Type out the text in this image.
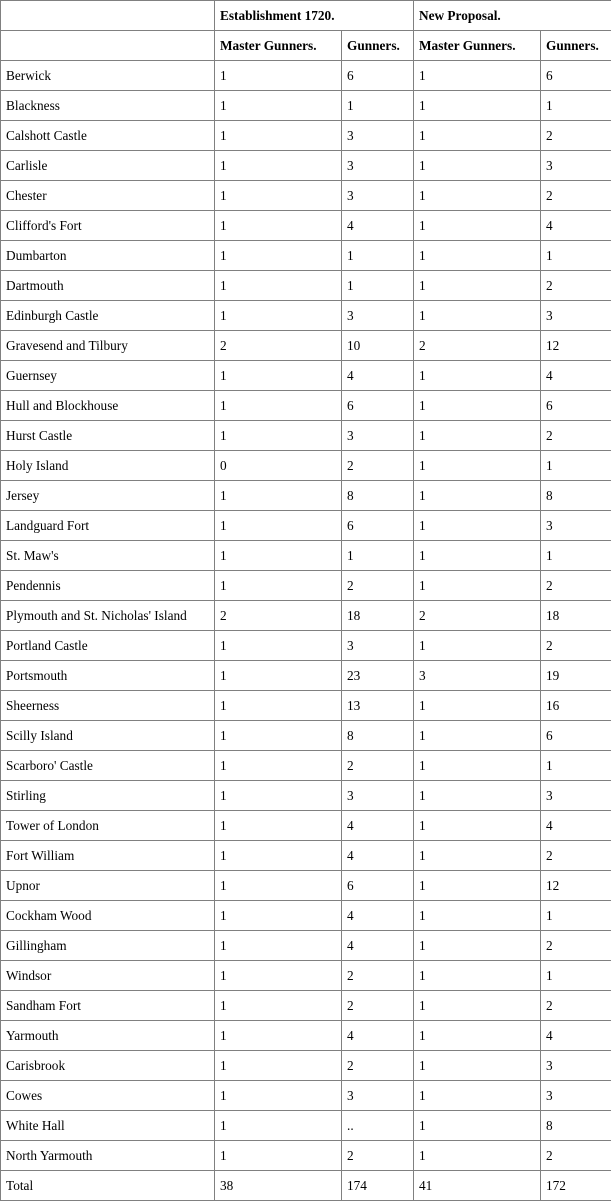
	Establishment 1720.		New Proposal.	
	Master Gunners.	Gunners.	Master Gunners.	Gunners.
Berwick	1	6	1	6
Blackness	1	1	1	1
Calshott Castle	1	3	1	2
Carlisle	1	3	1	3
Chester	1	3	1	2
Clifford's Fort	1	4	1	4
Dumbarton	1	1	1	1
Dartmouth	1	1	1	2
Edinburgh Castle	1	3	1	3
Gravesend and Tilbury	2	10	2	12
Guernsey	1	4	1	4
Hull and Blockhouse	1	6	1	6
Hurst Castle	1	3	1	2
Holy Island	0	2	1	1
Jersey	1	8	1	8
Landguard Fort	1	6	1	3
St. Maw's	1	1	1	1
Pendennis	1	2	1	2
Plymouth and St. Nicholas' Island	2	18	2	18
Portland Castle	1	3	1	2
Portsmouth	1	23	3	19
Sheerness	1	13	1	16
Scilly Island	1	8	1	6
Scarboro' Castle	1	2	1	1
Stirling	1	3	1	3
Tower of London	1	4	1	4
Fort William	1	4	1	2
Upnor	1	6	1	12
Cockham Wood	1	4	1	1
Gillingham	1	4	1	2
Windsor	1	2	1	1
Sandham Fort	1	2	1	2
Yarmouth	1	4	1	4
Carisbrook	1	2	1	3
Cowes	1	3	1	3
White Hall	1	..	1	8
North Yarmouth	1	2	1	2
Total	38	174	41	172
